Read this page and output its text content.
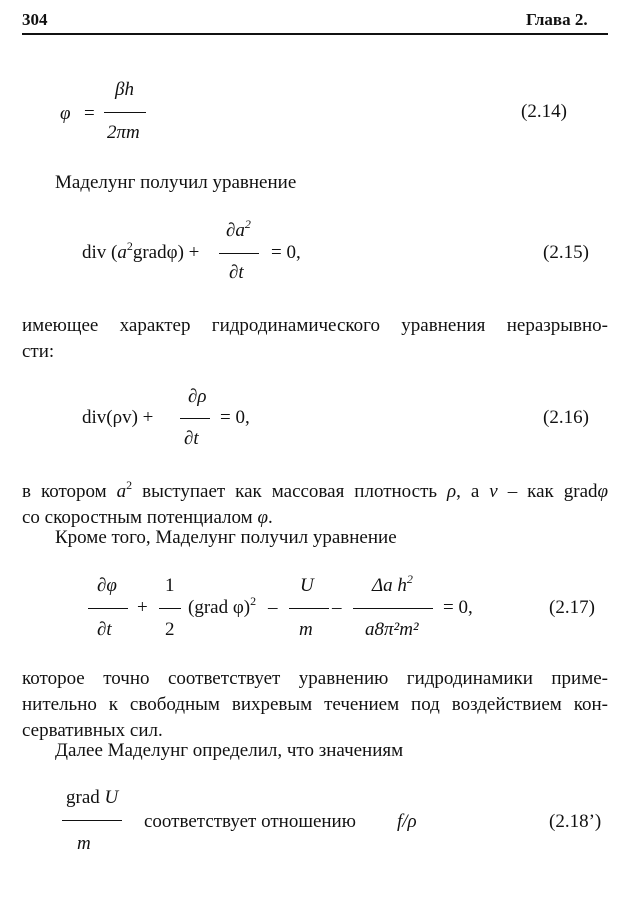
304	Глава 2.
φ =
βh
2πm
(2.14)
Маделунг получил уравнение
div $(a^2grad\varphi)$ +
$\partial a^2$
∂t
= 0,	(2.15)
имеющее характер гидродинамического уравнения неразрывно-
сти:
div(ρv) +
∂ρ
∂t
= 0,	(2.16)
в котором $a^2$ выступает как массовая плотность ρ, а v – как gradφ
со скоростным потенциалом φ.
Кроме того, Маделунг получил уравнение
∂φ
∂t
+
1
2
(grad φ)$^2$ –
U
m
–
Δa $h^2$
a8π²m²
= 0,	(2.17)
которое точно соответствует уравнению гидродинамики приме-
нительно к свободным вихревым течением под воздействием кон-
сервативных сил.
Далее Маделунг определил, что значениям
grad U
m
соответствует отношению f/ρ	(2.18’)
